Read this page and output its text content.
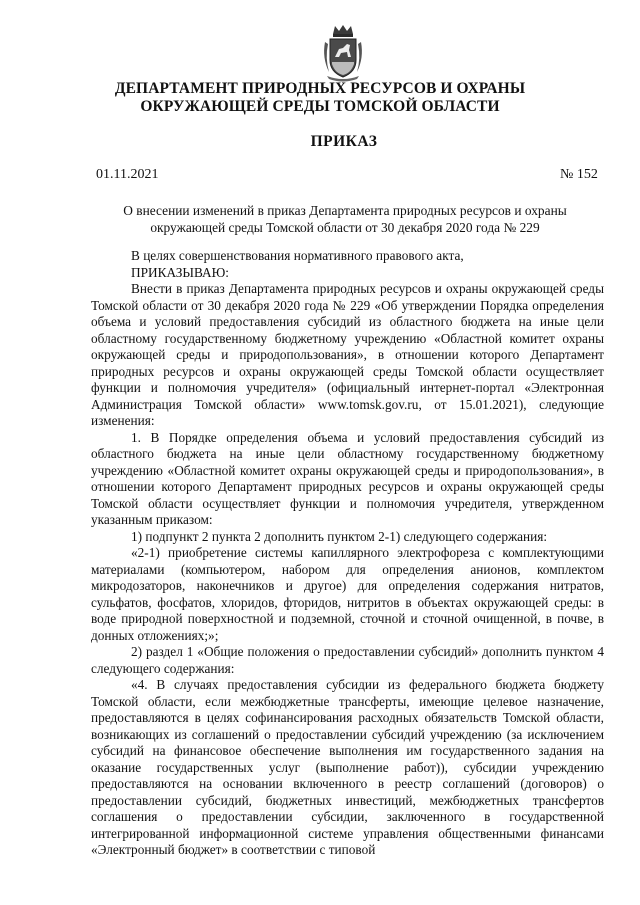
ДЕПАРТАМЕНТ ПРИРОДНЫХ РЕСУРСОВ И ОХРАНЫ
ОКРУЖАЮЩЕЙ СРЕДЫ ТОМСКОЙ ОБЛАСТИ
ПРИКАЗ
01.11.2021	№ 152
О внесении изменений в приказ Департамента природных ресурсов и охраны
окружающей среды Томской области от 30 декабря 2020 года № 229

В целях совершенствования нормативного правового акта,

ПРИКАЗЫВАЮ:

Внести в приказ Департамента природных ресурсов и охраны окружающей среды Томской области от 30 декабря 2020 года № 229 «Об утверждении Порядка определения объема и условий предоставления субсидий из областного бюджета на иные цели областному государственному бюджетному учреждению «Областной комитет охраны окружающей среды и природопользования», в отношении которого Департамент природных ресурсов и охраны окружающей среды Томской области осуществляет функции и полномочия учредителя» (официальный интернет-портал «Электронная Администрация Томской области» www.tomsk.gov.ru, от 15.01.2021), следующие изменения:

1. В Порядке определения объема и условий предоставления субсидий из областного бюджета на иные цели областному государственному бюджетному учреждению «Областной комитет охраны окружающей среды и природопользования», в отношении которого Департамент природных ресурсов и охраны окружающей среды Томской области осуществляет функции и полномочия учредителя, утвержденном указанным приказом:

1) подпункт 2 пункта 2 дополнить пунктом 2-1) следующего содержания:

«2-1) приобретение системы капиллярного электрофореза с комплектующими материалами (компьютером, набором для определения анионов, комплектом микродозаторов, наконечников и другое) для определения содержания нитратов, сульфатов, фосфатов, хлоридов, фторидов, нитритов в объектах окружающей среды: в воде природной поверхностной и подземной, сточной и сточной очищенной, в почве, в донных отложениях;»;

2) раздел 1 «Общие положения о предоставлении субсидий» дополнить пунктом 4 следующего содержания:

«4. В случаях предоставления субсидии из федерального бюджета бюджету Томской области, если межбюджетные трансферты, имеющие целевое назначение, предоставляются в целях софинансирования расходных обязательств Томской области, возникающих из соглашений о предоставлении субсидий учреждению (за исключением субсидий на финансовое обеспечение выполнения им государственного задания на оказание государственных услуг (выполнение работ)), субсидии учреждению предоставляются на основании включенного в реестр соглашений (договоров) о предоставлении субсидий, бюджетных инвестиций, межбюджетных трансфертов соглашения о предоставлении субсидии, заключенного в государственной интегрированной информационной системе управления общественными финансами «Электронный бюджет» в соответствии с типовой
